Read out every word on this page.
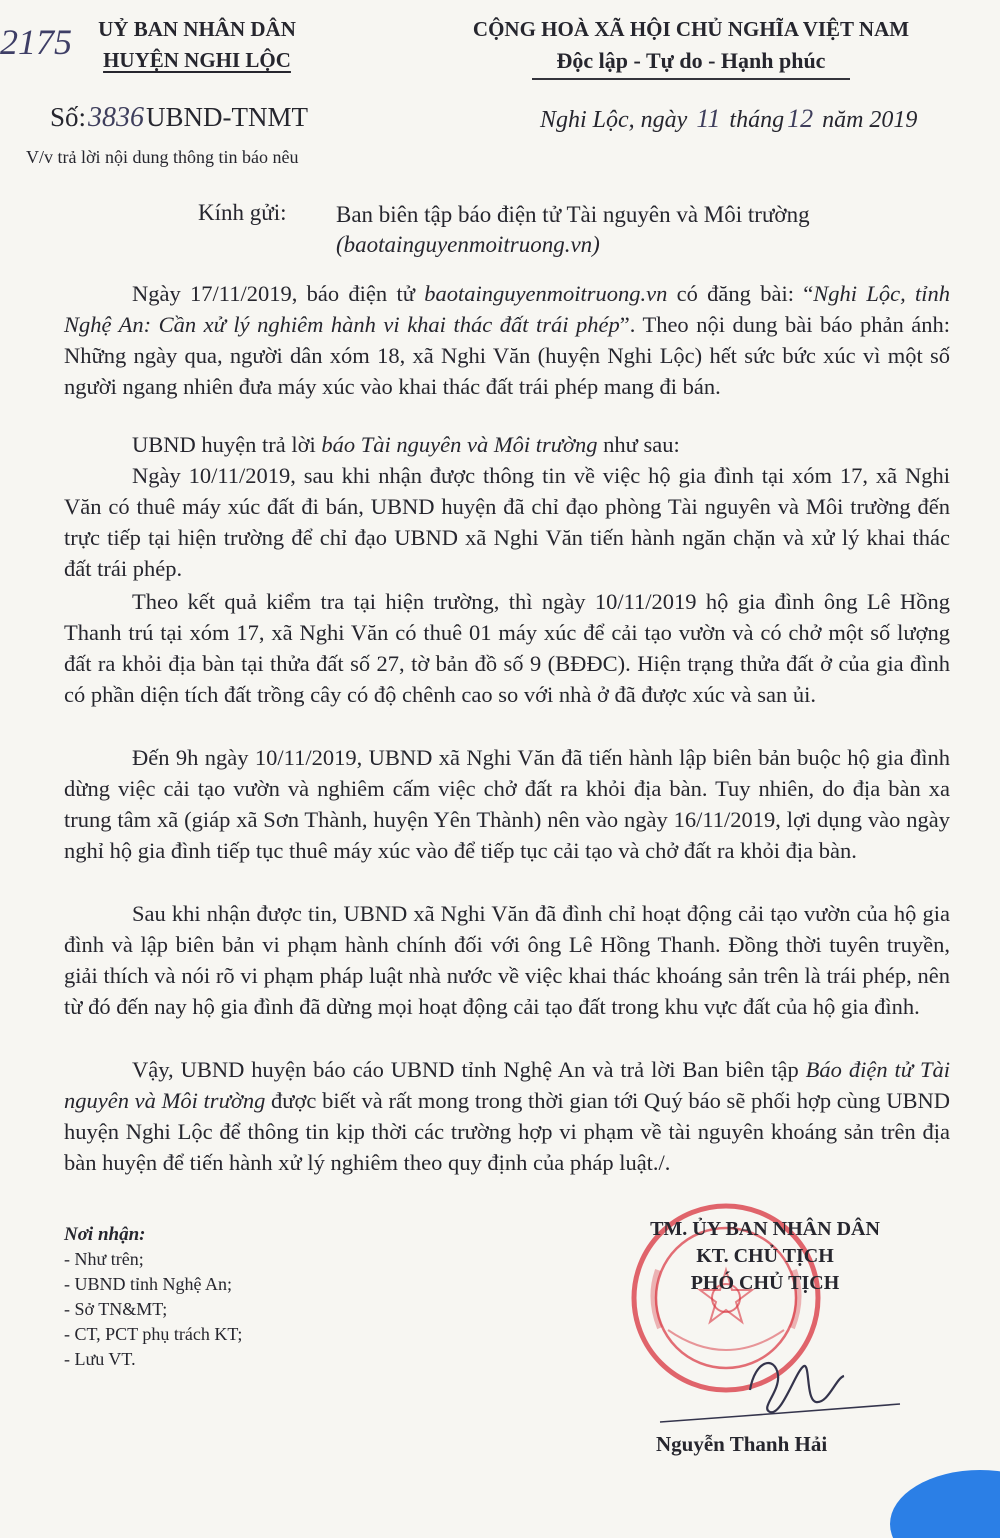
2175	UỶ BAN NHÂN DÂN
HUYỆN NGHI LỘC
CỘNG HOÀ XÃ HỘI CHỦ NGHĨA VIỆT NAM
Độc lập - Tự do - Hạnh phúc
Số:3836UBND-TNMT	Nghi Lộc, ngày 11 tháng 12 năm 2019
V/v trả lời nội dung thông tin báo nêu
Kính gửi: Ban biên tập báo điện tử Tài nguyên và Môi trường
(baotainguyenmoitruong.vn)

Ngày 17/11/2019, báo điện tử baotainguyenmoitruong.vn có đăng bài: “Nghi Lộc, tỉnh Nghệ An: Cần xử lý nghiêm hành vi khai thác đất trái phép”. Theo nội dung bài báo phản ánh: Những ngày qua, người dân xóm 18, xã Nghi Văn (huyện Nghi Lộc) hết sức bức xúc vì một số người ngang nhiên đưa máy xúc vào khai thác đất trái phép mang đi bán.

UBND huyện trả lời báo Tài nguyên và Môi trường như sau:

Ngày 10/11/2019, sau khi nhận được thông tin về việc hộ gia đình tại xóm 17, xã Nghi Văn có thuê máy xúc đất đi bán, UBND huyện đã chỉ đạo phòng Tài nguyên và Môi trường đến trực tiếp tại hiện trường để chỉ đạo UBND xã Nghi Văn tiến hành ngăn chặn và xử lý khai thác đất trái phép.

Theo kết quả kiểm tra tại hiện trường, thì ngày 10/11/2019 hộ gia đình ông Lê Hồng Thanh trú tại xóm 17, xã Nghi Văn có thuê 01 máy xúc để cải tạo vườn và có chở một số lượng đất ra khỏi địa bàn tại thửa đất số 27, tờ bản đồ số 9 (BĐĐC). Hiện trạng thửa đất ở của gia đình có phần diện tích đất trồng cây có độ chênh cao so với nhà ở đã được xúc và san ủi.

Đến 9h ngày 10/11/2019, UBND xã Nghi Văn đã tiến hành lập biên bản buộc hộ gia đình dừng việc cải tạo vườn và nghiêm cấm việc chở đất ra khỏi địa bàn. Tuy nhiên, do địa bàn xa trung tâm xã (giáp xã Sơn Thành, huyện Yên Thành) nên vào ngày 16/11/2019, lợi dụng vào ngày nghỉ hộ gia đình tiếp tục thuê máy xúc vào để tiếp tục cải tạo và chở đất ra khỏi địa bàn.

Sau khi nhận được tin, UBND xã Nghi Văn đã đình chỉ hoạt động cải tạo vườn của hộ gia đình và lập biên bản vi phạm hành chính đối với ông Lê Hồng Thanh. Đồng thời tuyên truyền, giải thích và nói rõ vi phạm pháp luật nhà nước về việc khai thác khoáng sản trên là trái phép, nên từ đó đến nay hộ gia đình đã dừng mọi hoạt động cải tạo đất trong khu vực đất của hộ gia đình.

Vậy, UBND huyện báo cáo UBND tỉnh Nghệ An và trả lời Ban biên tập Báo điện tử Tài nguyên và Môi trường được biết và rất mong trong thời gian tới Quý báo sẽ phối hợp cùng UBND huyện Nghi Lộc để thông tin kịp thời các trường hợp vi phạm về tài nguyên khoáng sản trên địa bàn huyện để tiến hành xử lý nghiêm theo quy định của pháp luật./.

Nơi nhận:
- Như trên;
- UBND tỉnh Nghệ An;
- Sở TN&MT;
- CT, PCT phụ trách KT;
- Lưu VT.
TM. ỦY BAN NHÂN DÂN
KT. CHỦ TỊCH
PHÓ CHỦ TỊCH
Nguyễn Thanh Hải
